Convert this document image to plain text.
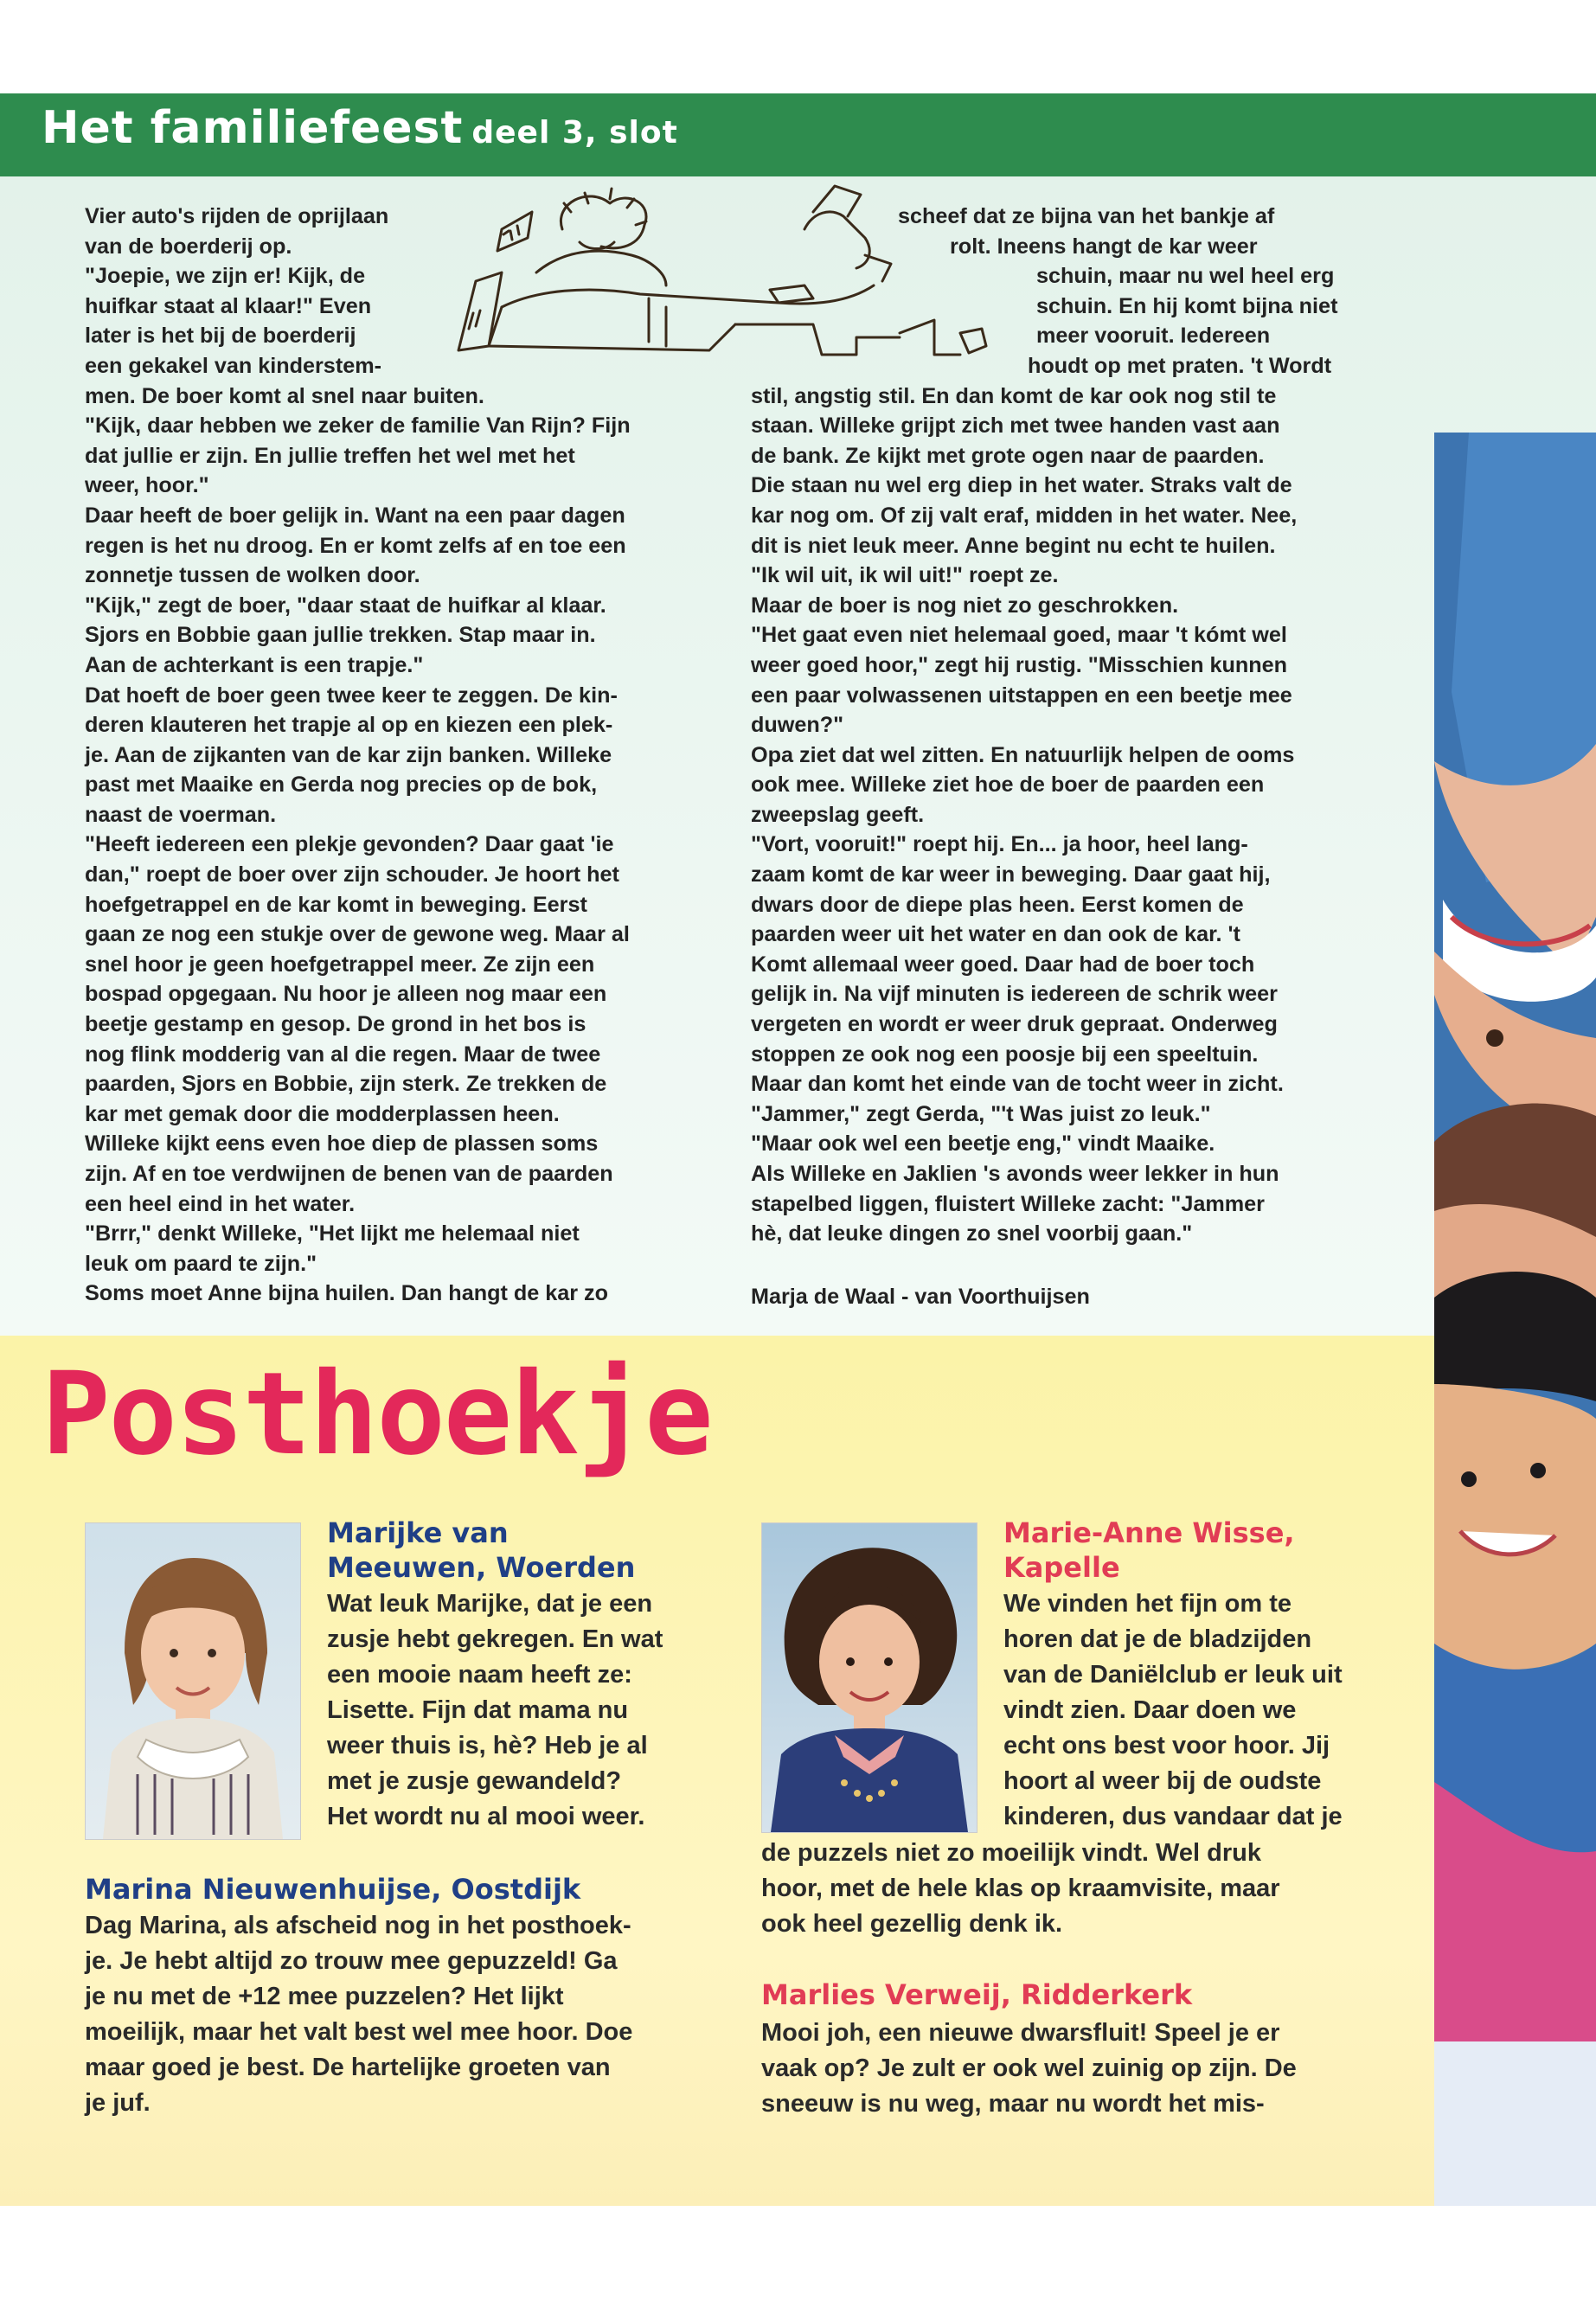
Het familiefeest deel 3, slot

Vier auto's rijden de oprijlaan

van de boerderij op.

"Joepie, we zijn er! Kijk, de

huifkar staat al klaar!" Even

later is het bij de boerderij

een gekakel van kinderstem-

men. De boer komt al snel naar buiten.

"Kijk, daar hebben we zeker de familie Van Rijn? Fijn

dat jullie er zijn. En jullie treffen het wel met het

weer, hoor."

Daar heeft de boer gelijk in. Want na een paar dagen

regen is het nu droog. En er komt zelfs af en toe een

zonnetje tussen de wolken door.

"Kijk," zegt de boer, "daar staat de huifkar al klaar.

Sjors en Bobbie gaan jullie trekken. Stap maar in.

Aan de achterkant is een trapje."

Dat hoeft de boer geen twee keer te zeggen. De kin-

deren klauteren het trapje al op en kiezen een plek-

je. Aan de zijkanten van de kar zijn banken. Willeke

past met Maaike en Gerda nog precies op de bok,

naast de voerman.

"Heeft iedereen een plekje gevonden? Daar gaat 'ie

dan," roept de boer over zijn schouder. Je hoort het

hoefgetrappel en de kar komt in beweging. Eerst

gaan ze nog een stukje over de gewone weg. Maar al

snel hoor je geen hoefgetrappel meer. Ze zijn een

bospad opgegaan. Nu hoor je alleen nog maar een

beetje gestamp en gesop. De grond in het bos is

nog flink modderig van al die regen. Maar de twee

paarden, Sjors en Bobbie, zijn sterk. Ze trekken de

kar met gemak door die modderplassen heen.

Willeke kijkt eens even hoe diep de plassen soms

zijn. Af en toe verdwijnen de benen van de paarden

een heel eind in het water.

"Brrr," denkt Willeke, "Het lijkt me helemaal niet

leuk om paard te zijn."

Soms moet Anne bijna huilen. Dan hangt de kar zo

scheef dat ze bijna van het bankje af

rolt. Ineens hangt de kar weer

schuin, maar nu wel heel erg

schuin. En hij komt bijna niet

meer vooruit. Iedereen

houdt op met praten. 't Wordt

stil, angstig stil. En dan komt de kar ook nog stil te

staan. Willeke grijpt zich met twee handen vast aan

de bank. Ze kijkt met grote ogen naar de paarden.

Die staan nu wel erg diep in het water. Straks valt de

kar nog om. Of zij valt eraf, midden in het water. Nee,

dit is niet leuk meer. Anne begint nu echt te huilen.

"Ik wil uit, ik wil uit!" roept ze.

Maar de boer is nog niet zo geschrokken.

"Het gaat even niet helemaal goed, maar 't kómt wel

weer goed hoor," zegt hij rustig. "Misschien kunnen

een paar volwassenen uitstappen en een beetje mee

duwen?"

Opa ziet dat wel zitten. En natuurlijk helpen de ooms

ook mee. Willeke ziet hoe de boer de paarden een

zweepslag geeft.

"Vort, vooruit!" roept hij. En... ja hoor, heel lang-

zaam komt de kar weer in beweging. Daar gaat hij,

dwars door de diepe plas heen. Eerst komen de

paarden weer uit het water en dan ook de kar. 't

Komt allemaal weer goed. Daar had de boer toch

gelijk in. Na vijf minuten is iedereen de schrik weer

vergeten en wordt er weer druk gepraat. Onderweg

stoppen ze ook nog een poosje bij een speeltuin.

Maar dan komt het einde van de tocht weer in zicht.

"Jammer," zegt Gerda, "'t Was juist zo leuk."

"Maar ook wel een beetje eng," vindt Maaike.

Als Willeke en Jaklien 's avonds weer lekker in hun

stapelbed liggen, fluistert Willeke zacht: "Jammer

hè, dat leuke dingen zo snel voorbij gaan."

Marja de Waal - van Voorthuijsen
Posthoekje
Marijke van
Meeuwen, Woerden

Wat leuk Marijke, dat je een

zusje hebt gekregen. En wat

een mooie naam heeft ze:

Lisette. Fijn dat mama nu

weer thuis is, hè? Heb je al

met je zusje gewandeld?

Het wordt nu al mooi weer.

Marina Nieuwenhuijse, Oostdijk

Dag Marina, als afscheid nog in het posthoek-

je. Je hebt altijd zo trouw mee gepuzzeld! Ga

je nu met de +12 mee puzzelen? Het lijkt

moeilijk, maar het valt best wel mee hoor. Doe

maar goed je best. De hartelijke groeten van

je juf.

Marie-Anne Wisse,
Kapelle

We vinden het fijn om te

horen dat je de bladzijden

van de Daniëlclub er leuk uit

vindt zien. Daar doen we

echt ons best voor hoor. Jij

hoort al weer bij de oudste

kinderen, dus vandaar dat je

de puzzels niet zo moeilijk vindt. Wel druk

hoor, met de hele klas op kraamvisite, maar

ook heel gezellig denk ik.

Marlies Verweij, Ridderkerk

Mooi joh, een nieuwe dwarsfluit! Speel je er

vaak op? Je zult er ook wel zuinig op zijn. De

sneeuw is nu weg, maar nu wordt het mis-
